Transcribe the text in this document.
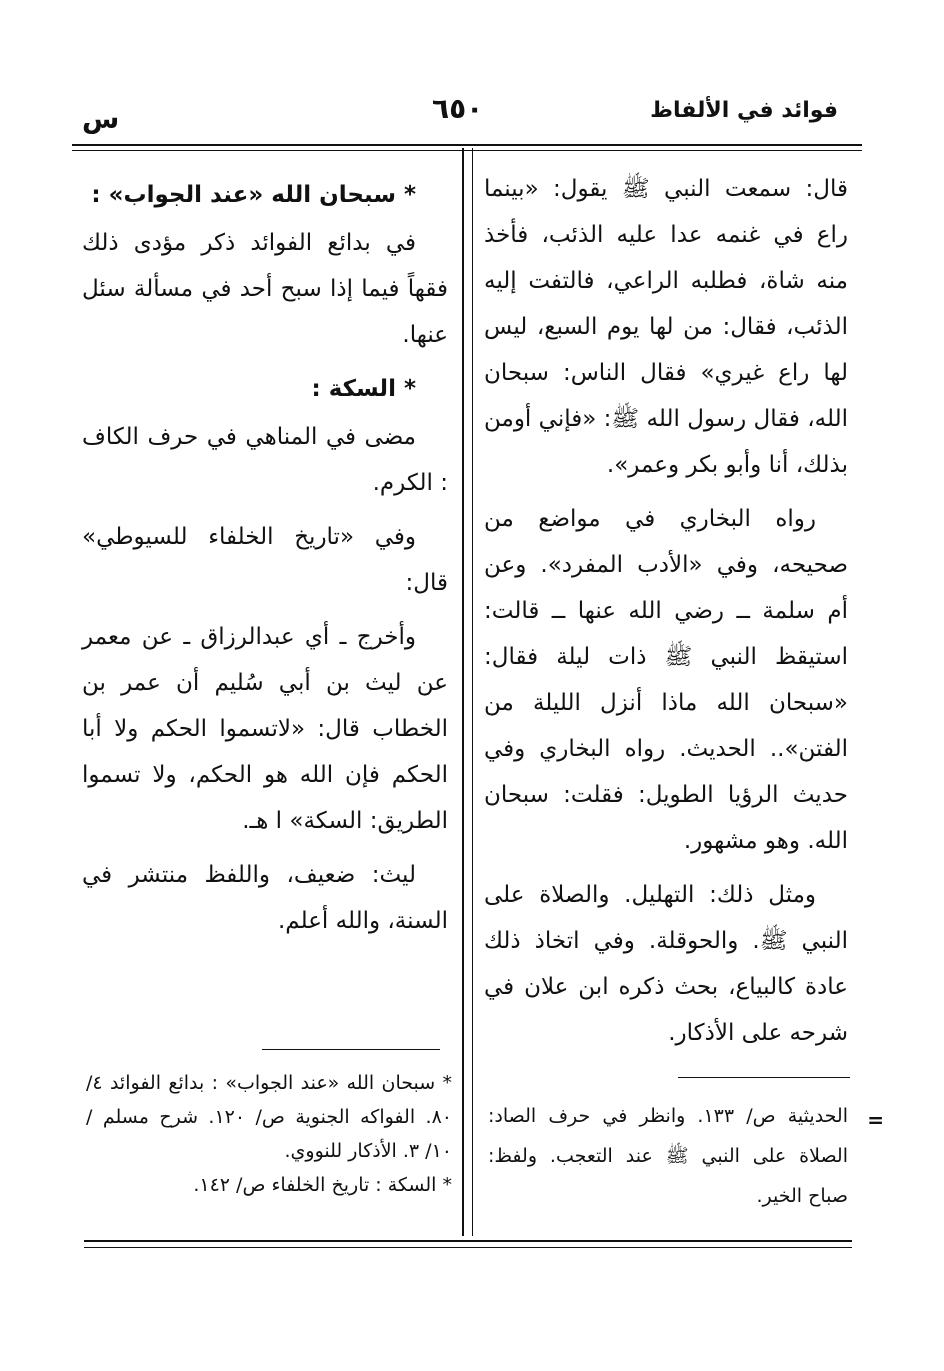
فوائد في الألفاظ
٦٥٠
س

قال: سمعت النبي ﷺ يقول: «بينما راع في غنمه عدا عليه الذئب، فأخذ منه شاة، فطلبه الراعي، فالتفت إليه الذئب، فقال: من لها يوم السبع، ليس لها راع غيري» فقال الناس: سبحان الله، فقال رسول الله ﷺ: «فإني أومن بذلك، أنا وأبو بكر وعمر».

رواه البخاري في مواضع من صحيحه، وفي «الأدب المفرد». وعن أم سلمة ــ رضي الله عنها ــ قالت: استيقظ النبي ﷺ ذات ليلة فقال: «سبحان الله ماذا أنزل الليلة من الفتن».. الحديث. رواه البخاري وفي حديث الرؤيا الطويل: فقلت: سبحان الله. وهو مشهور.

ومثل ذلك: التهليل. والصلاة على النبي ﷺ. والحوقلة. وفي اتخاذ ذلك عادة كالبياع، بحث ذكره ابن علان في شرحه على الأذكار.

* سبحان الله «عند الجواب» :

في بدائع الفوائد ذكر مؤدى ذلك فقهاً فيما إذا سبح أحد في مسألة سئل عنها.

* السكة :

مضى في المناهي في حرف الكاف : الكرم.

وفي «تاريخ الخلفاء للسيوطي» قال:

وأخرج ـ أي عبدالرزاق ـ عن معمر عن ليث بن أبي سُليم أن عمر بن الخطاب قال: «لاتسموا الحكم ولا أبا الحكم فإن الله هو الحكم، ولا تسموا الطريق: السكة» ا هـ.

ليث: ضعيف، واللفظ منتشر في السنة، والله أعلم.

=

الحديثية ص/ ١٣٣. وانظر في حرف الصاد: الصلاة على النبي ﷺ عند التعجب. ولفظ: صباح الخير.

* سبحان الله «عند الجواب» : بدائع الفوائد ٤/ ٨٠. الفواكه الجنوية ص/ ١٢٠. شرح مسلم / ١٠/ ٣. الأذكار للنووي.

* السكة : تاريخ الخلفاء ص/ ١٤٢.
